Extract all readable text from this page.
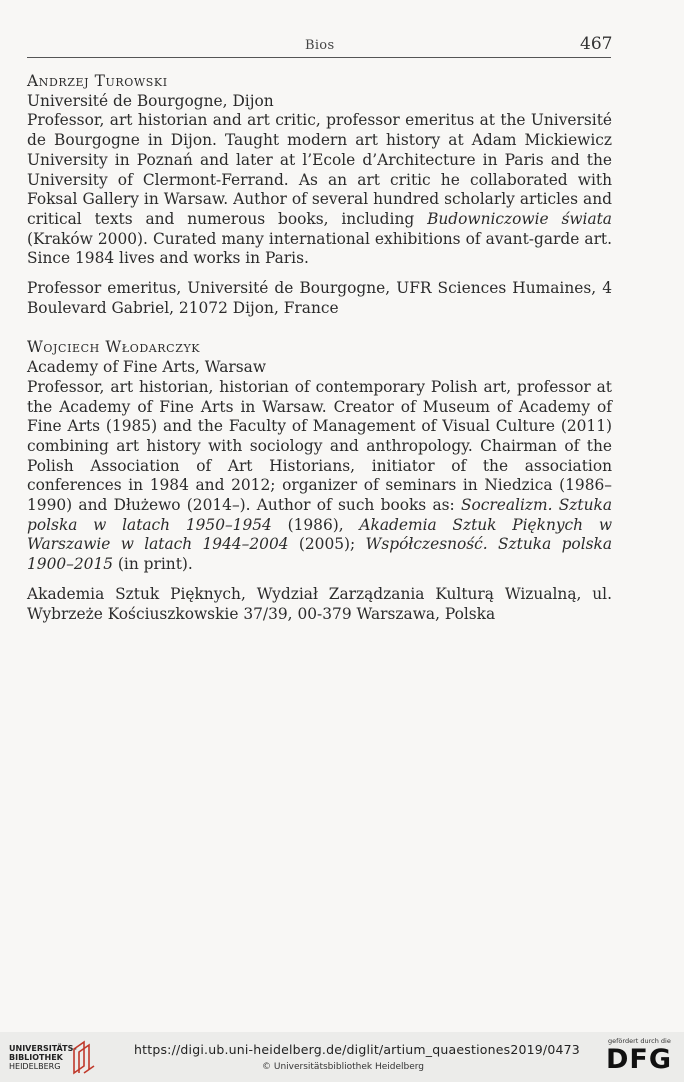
Bios	467

Andrzej Turowski

Université de Bourgogne, Dijon

Professor, art historian and art critic, professor emeritus at the Université de Bourgogne in Dijon. Taught modern art history at Adam Mickiewicz University in Poznań and later at l’Ecole d’Architecture in Paris and the University of Clermont-Ferrand. As an art critic he collaborated with Foksal Gallery in Warsaw. Author of several hundred scholarly articles and critical texts and numerous books, including Budowniczowie świata (Kraków 2000). Curated many international exhibitions of avant-garde art. Since 1984 lives and works in Paris.

Professor emeritus, Université de Bourgogne, UFR Sciences Humaines, 4 Boulevard Gabriel, 21072 Dijon, France

Wojciech Włodarczyk

Academy of Fine Arts, Warsaw

Professor, art historian, historian of contemporary Polish art, professor at the Academy of Fine Arts in Warsaw. Creator of Museum of Academy of Fine Arts (1985) and the Faculty of Management of Visual Culture (2011) combining art history with sociology and anthropology. Chairman of the Polish Association of Art Historians, initiator of the association conferences in 1984 and 2012; organizer of seminars in Niedzica (1986–1990) and Dłużewo (2014–). Author of such books as: Socrealizm. Sztuka polska w latach 1950–1954 (1986), Akademia Sztuk Pięknych w Warszawie w latach 1944–2004 (2005); Współczesność. Sztuka polska 1900–2015 (in print).

Akademia Sztuk Pięknych, Wydział Zarządzania Kulturą Wizualną, ul. Wybrzeże Kościuszkowskie 37/39, 00-379 Warszawa, Polska

UNIVERSITÄTS-
BIBLIOTHEK
HEIDELBERG
https://digi.ub.uni-heidelberg.de/diglit/artium_quaestiones2019/0473
© Universitätsbibliothek Heidelberg
gefördert durch die
DFG
